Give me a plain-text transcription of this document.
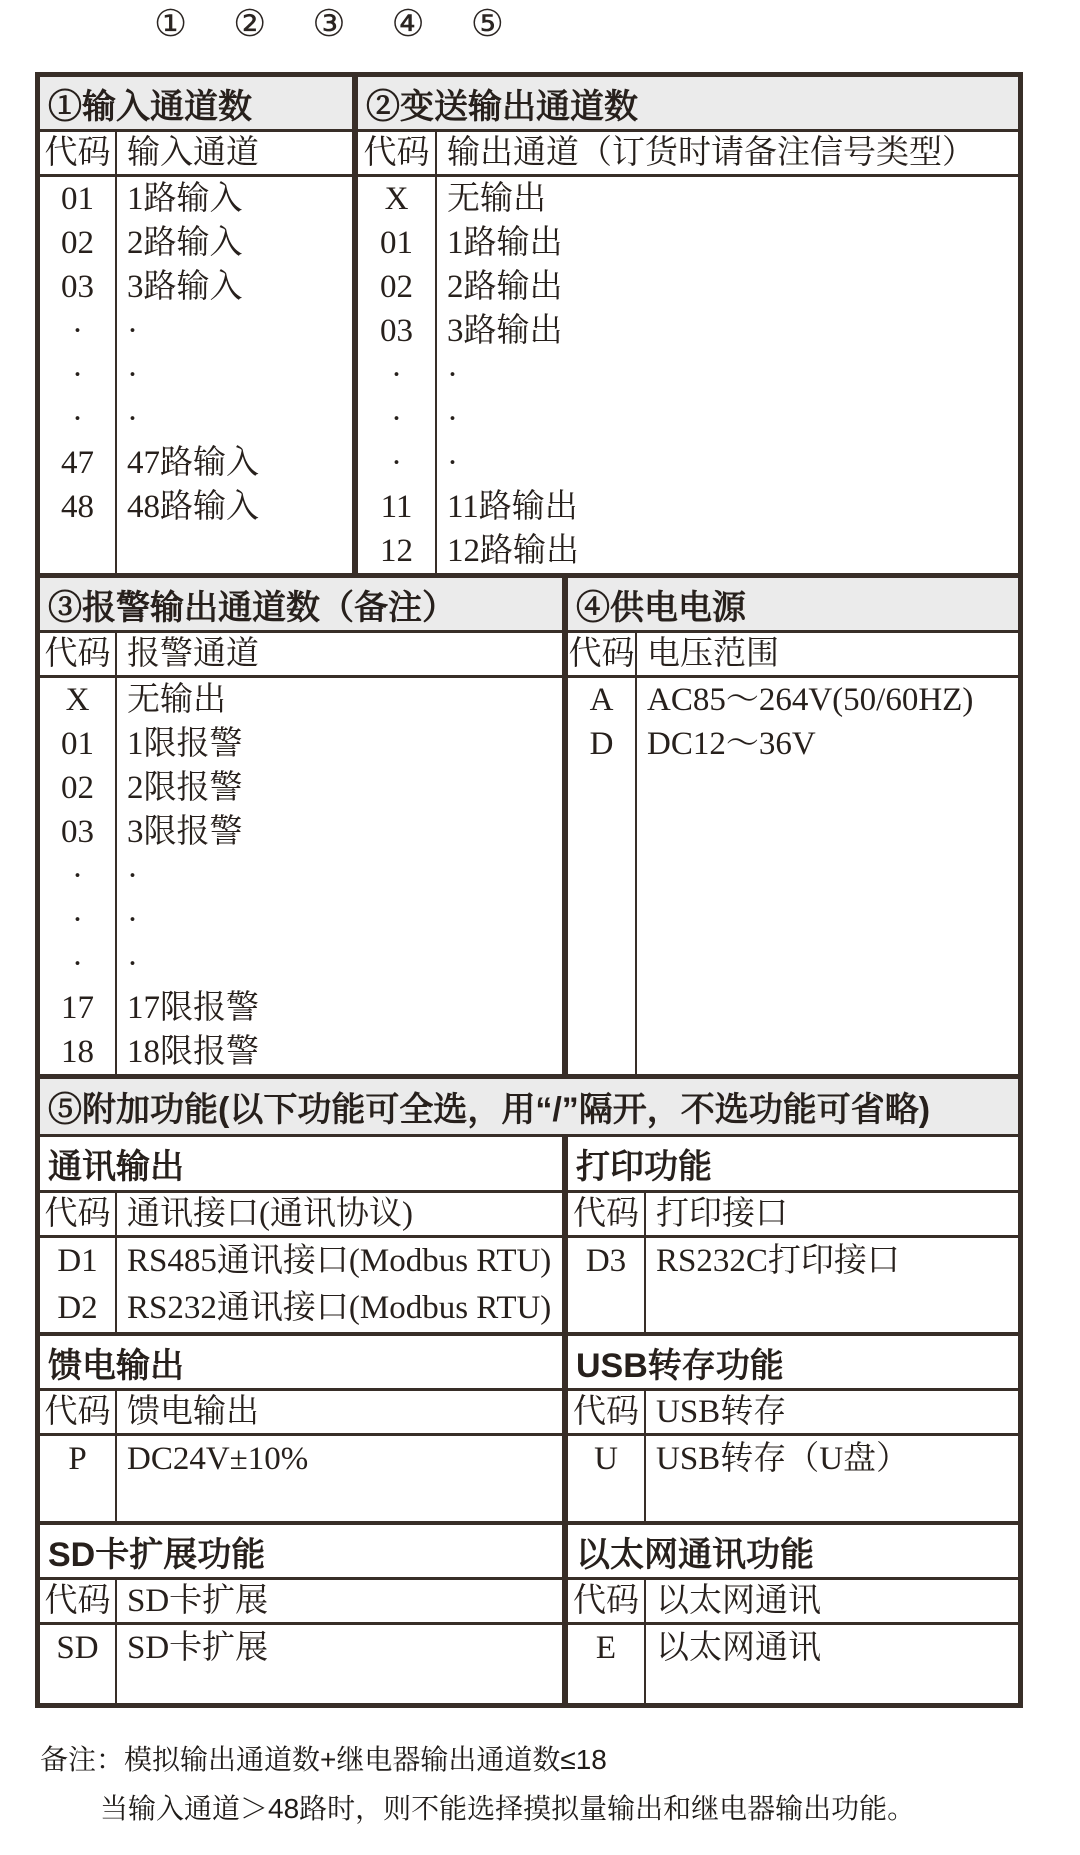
① ② ③ ④ ⑤
①输入通道数
代码 输入通道
01	1路输入
02	2路输入
03	3路输入
·	·
·	·
·	·
47	47路输入
48	48路输入
②变送输出通道数
代码 输出通道（订货时请备注信号类型）
X	无输出
01	1路输出
02	2路输出
03	3路输出
·	·
·	·
·	·
11	11路输出
12	12路输出
③报警输出通道数（备注）
代码 报警通道
X	无输出
01	1限报警
02	2限报警
03	3限报警
·	·
·	·
·	·
17	17限报警
18	18限报警
④供电电源
代码 电压范围
A	AC85～264V(50/60HZ)
D	DC12～36V
⑤附加功能(以下功能可全选，用“/”隔开，不选功能可省略)
通讯输出
代码 通讯接口(通讯协议)
D1 RS485通讯接口(Modbus RTU)
D2 RS232通讯接口(Modbus RTU)
打印功能
代码 打印接口
D3 RS232C打印接口
馈电输出
代码 馈电输出
P	DC24V±10%
USB转存功能
代码 USB转存
U	USB转存（U盘）
SD卡扩展功能
代码 SD卡扩展
SD SD卡扩展
以太网通讯功能
代码 以太网通讯
E	以太网通讯
备注：模拟输出通道数+继电器输出通道数≤18
当输入通道＞48路时，则不能选择摸拟量输出和继电器输出功能。
